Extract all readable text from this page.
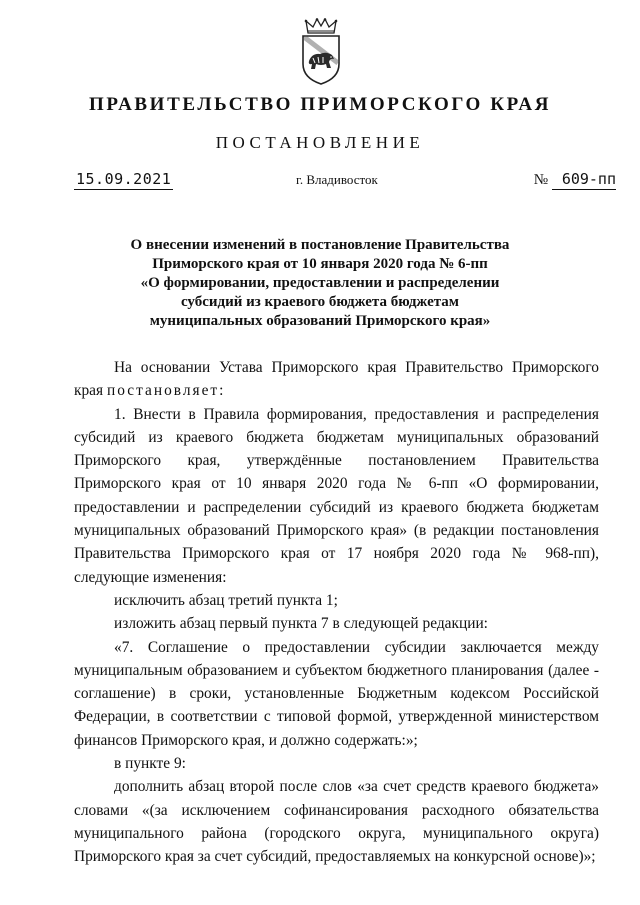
ПРАВИТЕЛЬСТВО ПРИМОРСКОГО КРАЯ
ПОСТАНОВЛЕНИЕ
15.09.2021	г. Владивосток	№ 609-пп
О внесении изменений в постановление Правительства
Приморского края от 10 января 2020 года № 6-пп
«О формировании, предоставлении и распределении
субсидий из краевого бюджета бюджетам
муниципальных образований Приморского края»

На основании Устава Приморского края Правительство Приморского края постановляет:

1. Внести в Правила формирования, предоставления и распределения субсидий из краевого бюджета бюджетам муниципальных образований Приморского края, утверждённые постановлением Правительства Приморского края от 10 января 2020 года № 6-пп «О формировании, предоставлении и распределении субсидий из краевого бюджета бюджетам муниципальных образований Приморского края» (в редакции постановления Правительства Приморского края от 17 ноября 2020 года № 968-пп), следующие изменения:

исключить абзац третий пункта 1;

изложить абзац первый пункта 7 в следующей редакции:

«7. Соглашение о предоставлении субсидии заключается между муниципальным образованием и субъектом бюджетного планирования (далее - соглашение) в сроки, установленные Бюджетным кодексом Российской Федерации, в соответствии с типовой формой, утвержденной министерством финансов Приморского края, и должно содержать:»;

в пункте 9:

дополнить абзац второй после слов «за счет средств краевого бюджета» словами «(за исключением софинансирования расходного обязательства муниципального района (городского округа, муниципального округа) Приморского края за счет субсидий, предоставляемых на конкурсной основе)»;
